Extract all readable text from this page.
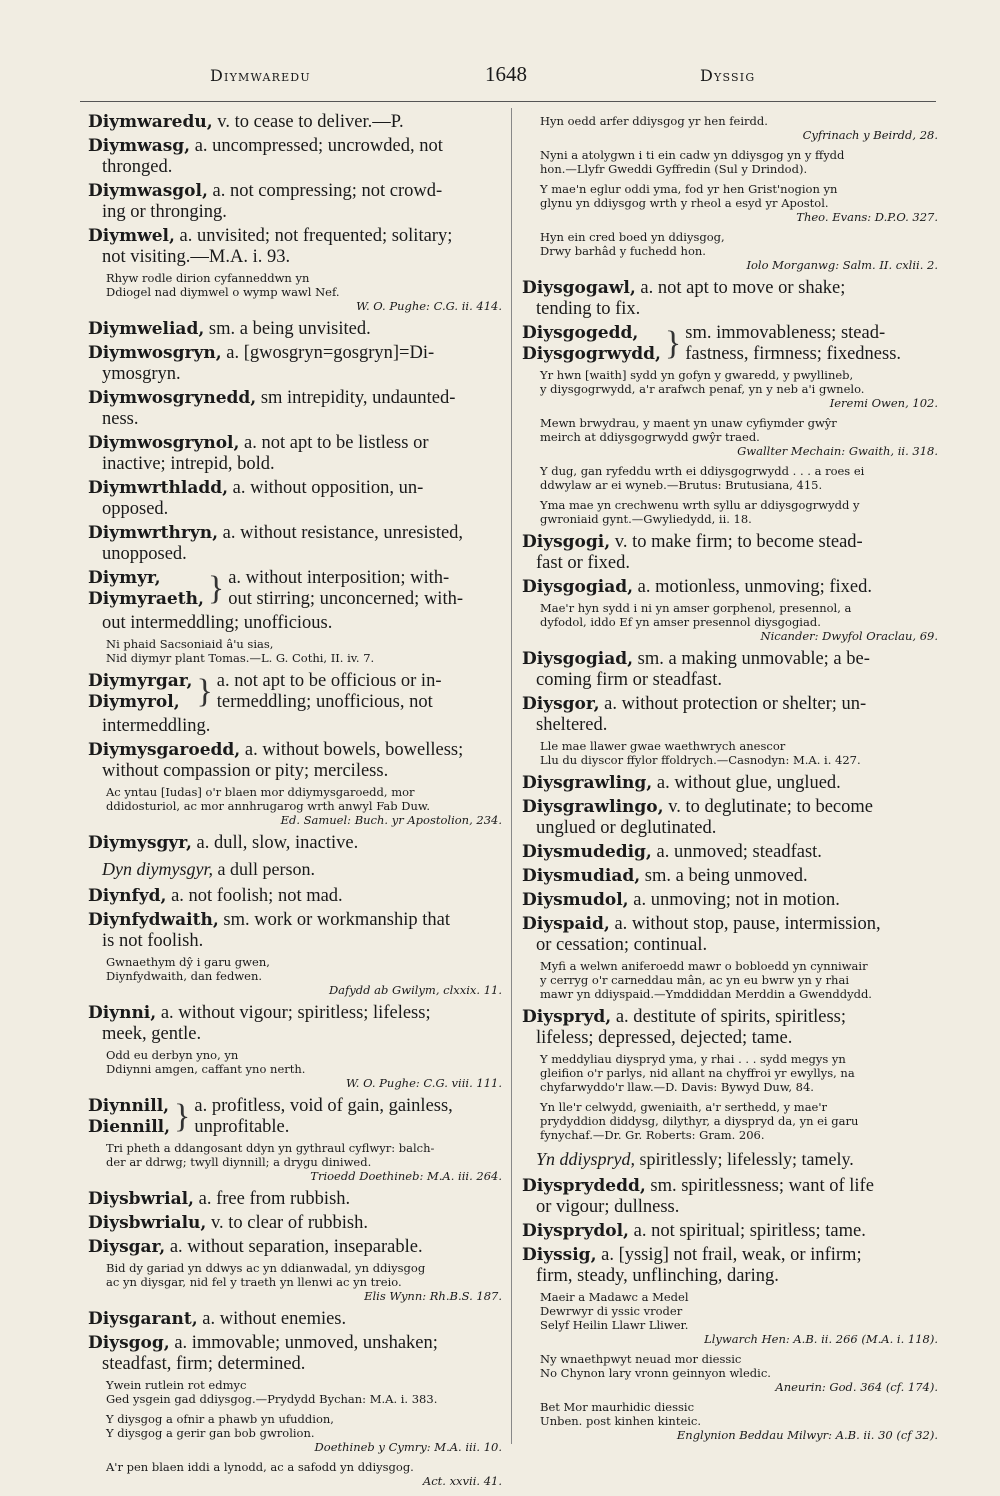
Diymwaredu	1648	Dyssig
Diymwaredu, v. to cease to deliver.—P.
Diymwasg, a. uncompressed; uncrowded, not
thronged.
Diymwasgol, a. not compressing; not crowd-
ing or thronging.
Diymwel, a. unvisited; not frequented; solitary;
not visiting.—M.A. i. 93.
Rhyw rodle dirion cyfanneddwn yn
Ddiogel nad diymwel o wymp wawl Nef.
W. O. Pughe: C.G. ii. 414.
Diymweliad, sm. a being unvisited.
Diymwosgryn, a. [gwosgryn=gosgryn]=Di-
ymosgryn.
Diymwosgrynedd, sm intrepidity, undaunted-
ness.
Diymwosgrynol, a. not apt to be listless or
inactive; intrepid, bold.
Diymwrthladd, a. without opposition, un-
opposed.
Diymwrthryn, a. without resistance, unresisted,
unopposed.
Diymyr,
Diymyraeth, } a. without interposition; with-
out stirring; unconcerned; with-
out intermeddling; unofficious.
Ni phaid Sacsoniaid â'u sias,
Nid diymyr plant Tomas.—L. G. Cothi, II. iv. 7.
Diymyrgar,
Diymyrol, } a. not apt to be officious or in-
termeddling; unofficious, not
intermeddling.
Diymysgaroedd, a. without bowels, bowelless;
without compassion or pity; merciless.
Ac yntau [Iudas] o'r blaen mor ddiymysgaroedd, mor
ddidosturiol, ac mor annhrugarog wrth anwyl Fab Duw.
Ed. Samuel: Buch. yr Apostolion, 234.
Diymysgyr, a. dull, slow, inactive.
Dyn diymysgyr, a dull person.
Diynfyd, a. not foolish; not mad.
Diynfydwaith, sm. work or workmanship that
is not foolish.
Gwnaethym dŷ i garu gwen,
Diynfydwaith, dan fedwen.
Dafydd ab Gwilym, clxxix. 11.
Diynni, a. without vigour; spiritless; lifeless;
meek, gentle.
Odd eu derbyn yno, yn
Ddiynni amgen, caffant yno nerth.
W. O. Pughe: C.G. viii. 111.
Diynnill,
Diennill, } a. profitless, void of gain, gainless,
unprofitable.
Tri pheth a ddangosant ddyn yn gythraul cyflwyr: balch-
der ar ddrwg; twyll diynnill; a drygu diniwed.
Trioedd Doethineb: M.A. iii. 264.
Diysbwrial, a. free from rubbish.
Diysbwrialu, v. to clear of rubbish.
Diysgar, a. without separation, inseparable.
Bid dy gariad yn ddwys ac yn ddianwadal, yn ddiysgog
ac yn diysgar, nid fel y traeth yn llenwi ac yn treio.
Elis Wynn: Rh.B.S. 187.
Diysgarant, a. without enemies.
Diysgog, a. immovable; unmoved, unshaken;
steadfast, firm; determined.
Ywein rutlein rot edmyc
Ged ysgein gad ddiysgog.—Prydydd Bychan: M.A. i. 383.
Y diysgog a ofnir a phawb yn ufuddion,
Y diysgog a gerir gan bob gwrolion.
Doethineb y Cymry: M.A. iii. 10.
A'r pen blaen iddi a lynodd, ac a safodd yn ddiysgog.
Act. xxvii. 41.
Hyn oedd arfer ddiysgog yr hen feirdd.
Cyfrinach y Beirdd, 28.
Nyni a atolygwn i ti ein cadw yn ddiysgog yn y ffydd
hon.—Llyfr Gweddi Gyffredin (Sul y Drindod).
Y mae'n eglur oddi yma, fod yr hen Grist'nogion yn
glynu yn ddiysgog wrth y rheol a esyd yr Apostol.
Theo. Evans: D.P.O. 327.
Hyn ein cred boed yn ddiysgog,
Drwy barhâd y fuchedd hon.
Iolo Morganwg: Salm. II. cxlii. 2.
Diysgogawl, a. not apt to move or shake;
tending to fix.
Diysgogedd,
Diysgogrwydd, } sm. immovableness; stead-
fastness, firmness; fixedness.
Yr hwn [waith] sydd yn gofyn y gwaredd, y pwyllineb,
y diysgogrwydd, a'r arafwch penaf, yn y neb a'i gwnelo.
Ieremi Owen, 102.
Mewn brwydrau, y maent yn unaw cyfiymder gwŷr
meirch at ddiysgogrwydd gwŷr traed.
Gwallter Mechain: Gwaith, ii. 318.
Y dug, gan ryfeddu wrth ei ddiysgogrwydd . . . a roes ei
ddwylaw ar ei wyneb.—Brutus: Brutusiana, 415.
Yma mae yn crechwenu wrth syllu ar ddiysgogrwydd y
gwroniaid gynt.—Gwyliedydd, ii. 18.
Diysgogi, v. to make firm; to become stead-
fast or fixed.
Diysgogiad, a. motionless, unmoving; fixed.
Mae'r hyn sydd i ni yn amser gorphenol, presennol, a
dyfodol, iddo Ef yn amser presennol diysgogiad.
Nicander: Dwyfol Oraclau, 69.
Diysgogiad, sm. a making unmovable; a be-
coming firm or steadfast.
Diysgor, a. without protection or shelter; un-
sheltered.
Lle mae llawer gwae waethwrych anescor
Llu du diyscor ffylor ffoldrych.—Casnodyn: M.A. i. 427.
Diysgrawling, a. without glue, unglued.
Diysgrawlingo, v. to deglutinate; to become
unglued or deglutinated.
Diysmudedig, a. unmoved; steadfast.
Diysmudiad, sm. a being unmoved.
Diysmudol, a. unmoving; not in motion.
Diyspaid, a. without stop, pause, intermission,
or cessation; continual.
Myfi a welwn aniferoedd mawr o bobloedd yn cynniwair
y cerryg o'r carneddau mân, ac yn eu bwrw yn y rhai
mawr yn ddiyspaid.—Ymddiddan Merddin a Gwenddydd.
Diyspryd, a. destitute of spirits, spiritless;
lifeless; depressed, dejected; tame.
Y meddyliau diyspryd yma, y rhai . . . sydd megys yn
gleifion o'r parlys, nid allant na chyffroi yr ewyllys, na
chyfarwyddo'r llaw.—D. Davis: Bywyd Duw, 84.
Yn lle'r celwydd, gweniaith, a'r serthedd, y mae'r
prydyddion diddysg, dilythyr, a diyspryd da, yn ei garu
fynychaf.—Dr. Gr. Roberts: Gram. 206.
Yn ddiyspryd, spiritlessly; lifelessly; tamely.
Diysprydedd, sm. spiritlessness; want of life
or vigour; dullness.
Diysprydol, a. not spiritual; spiritless; tame.
Diyssig, a. [yssig] not frail, weak, or infirm;
firm, steady, unflinching, daring.
Maeir a Madawc a Medel
Dewrwyr di yssic vroder
Selyf Heilin Llawr Lliwer.
Llywarch Hen: A.B. ii. 266 (M.A. i. 118).
Ny wnaethpwyt neuad mor diessic
No Chynon lary vronn geinnyon wledic.
Aneurin: God. 364 (cf. 174).
Bet Mor maurhidic diessic
Unben. post kinhen kinteic.
Englynion Beddau Milwyr: A.B. ii. 30 (cf 32).
